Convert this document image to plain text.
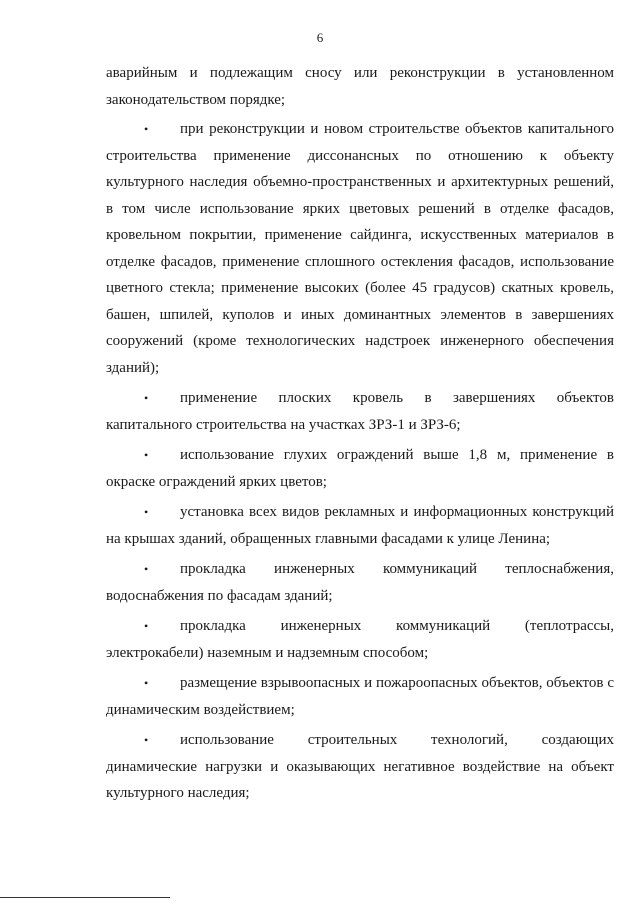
6

аварийным и подлежащим сносу или реконструкции в установленном законодательством порядке;

• при реконструкции и новом строительстве объектов капитального строительства применение диссонансных по отношению к объекту культурного наследия объемно-пространственных и архитектурных решений, в том числе использование ярких цветовых решений в отделке фасадов, кровельном покрытии, применение сайдинга, искусственных материалов в отделке фасадов, применение сплошного остекления фасадов, использование цветного стекла; применение высоких (более 45 градусов) скатных кровель, башен, шпилей, куполов и иных доминантных элементов в завершениях сооружений (кроме технологических надстроек инженерного обеспечения зданий);

• применение плоских кровель в завершениях объектов капитального строительства на участках ЗРЗ-1 и ЗРЗ-6;

• использование глухих ограждений выше 1,8 м, применение в окраске ограждений ярких цветов;

• установка всех видов рекламных и информационных конструкций на крышах зданий, обращенных главными фасадами к улице Ленина;

• прокладка инженерных коммуникаций теплоснабжения, водоснабжения по фасадам зданий;

• прокладка инженерных коммуникаций (теплотрассы, электрокабели) наземным и надземным способом;

• размещение взрывоопасных и пожароопасных объектов, объектов с динамическим воздействием;

• использование строительных технологий, создающих динамические нагрузки и оказывающих негативное воздействие на объект культурного наследия;
